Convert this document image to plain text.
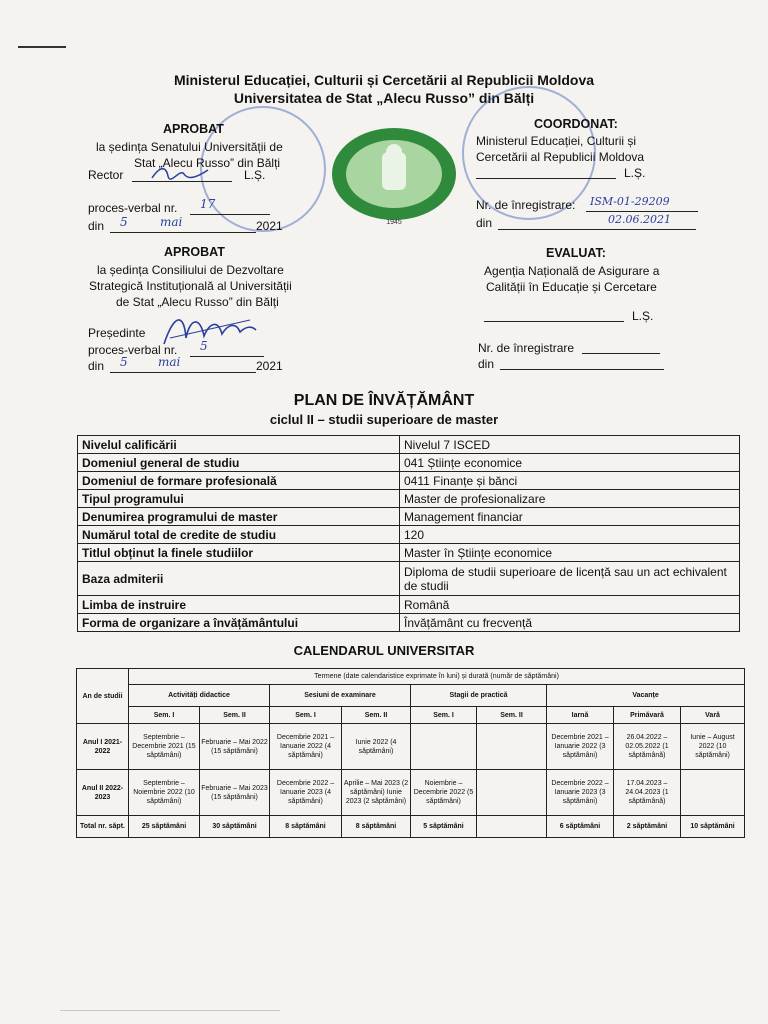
Ministerul Educației, Culturii și Cercetării al Republicii Moldova
Universitatea de Stat „Alecu Russo” din Bălți
1945
APROBAT
la ședința Senatului Universității de
Stat „Alecu Russo” din Bălți
Rector	L.Ș.
proces-verbal nr. 17
din 5	mai	2021
COORDONAT:
Ministerul Educației, Culturii și
Cercetării al Republicii Moldova
L.Ș.
Nr. de înregistrare: ISM-01-29209
din	02.06.2021
APROBAT
la ședința Consiliului de Dezvoltare
Strategică Instituțională al Universității
de Stat „Alecu Russo” din Bălți
Președinte
proces-verbal nr. 5
din 5	mai	2021
EVALUAT:
Agenția Națională de Asigurare a
Calității în Educație și Cercetare
L.Ș.
Nr. de înregistrare
din
PLAN DE ÎNVĂȚĂMÂNT
ciclul II – studii superioare de master
Nivelul calificării	Nivelul 7 ISCED
Domeniul general de studiu	041 Științe economice
Domeniul de formare profesională	0411 Finanțe și bănci
Tipul programului	Master de profesionalizare
Denumirea programului de master	Management financiar
Numărul total de credite de studiu	120
Titlul obținut la finele studiilor	Master în Științe economice
Baza admiterii	Diploma de studii superioare de licență sau un act echivalent de studii
Limba de instruire	Română
Forma de organizare a învățământului	Învățământ cu frecvență
CALENDARUL UNIVERSITAR
An de studii	Termene (date calendaristice exprimate în luni) și durată (număr de săptămâni)								
	Activități didactice		Sesiuni de examinare		Stagii de practică		Vacanțe		
	Sem. I	Sem. II	Sem. I	Sem. II	Sem. I	Sem. II	Iarnă	Primăvară	Vară
Anul I 2021-2022	Septembrie – Decembrie 2021 (15 săptămâni)	Februarie – Mai 2022 (15 săptămâni)	Decembrie 2021 – Ianuarie 2022 (4 săptămâni)	Iunie 2022 (4 săptămâni)			Decembrie 2021 – Ianuarie 2022 (3 săptămâni)	26.04.2022 – 02.05.2022 (1 săptămână)	Iunie – August 2022 (10 săptămâni)
Anul II 2022-2023	Septembrie – Noiembrie 2022 (10 săptămâni)	Februarie – Mai 2023 (15 săptămâni)	Decembrie 2022 – Ianuarie 2023 (4 săptămâni)	Aprilie – Mai 2023 (2 săptămâni) Iunie 2023 (2 săptămâni)	Noiembrie – Decembrie 2022 (5 săptămâni)		Decembrie 2022 – Ianuarie 2023 (3 săptămâni)	17.04.2023 – 24.04.2023 (1 săptămână)	
Total nr. săpt.	25 săptămâni	30 săptămâni	8 săptămâni	8 săptămâni	5 săptămâni		6 săptămâni	2 săptămâni	10 săptămâni
